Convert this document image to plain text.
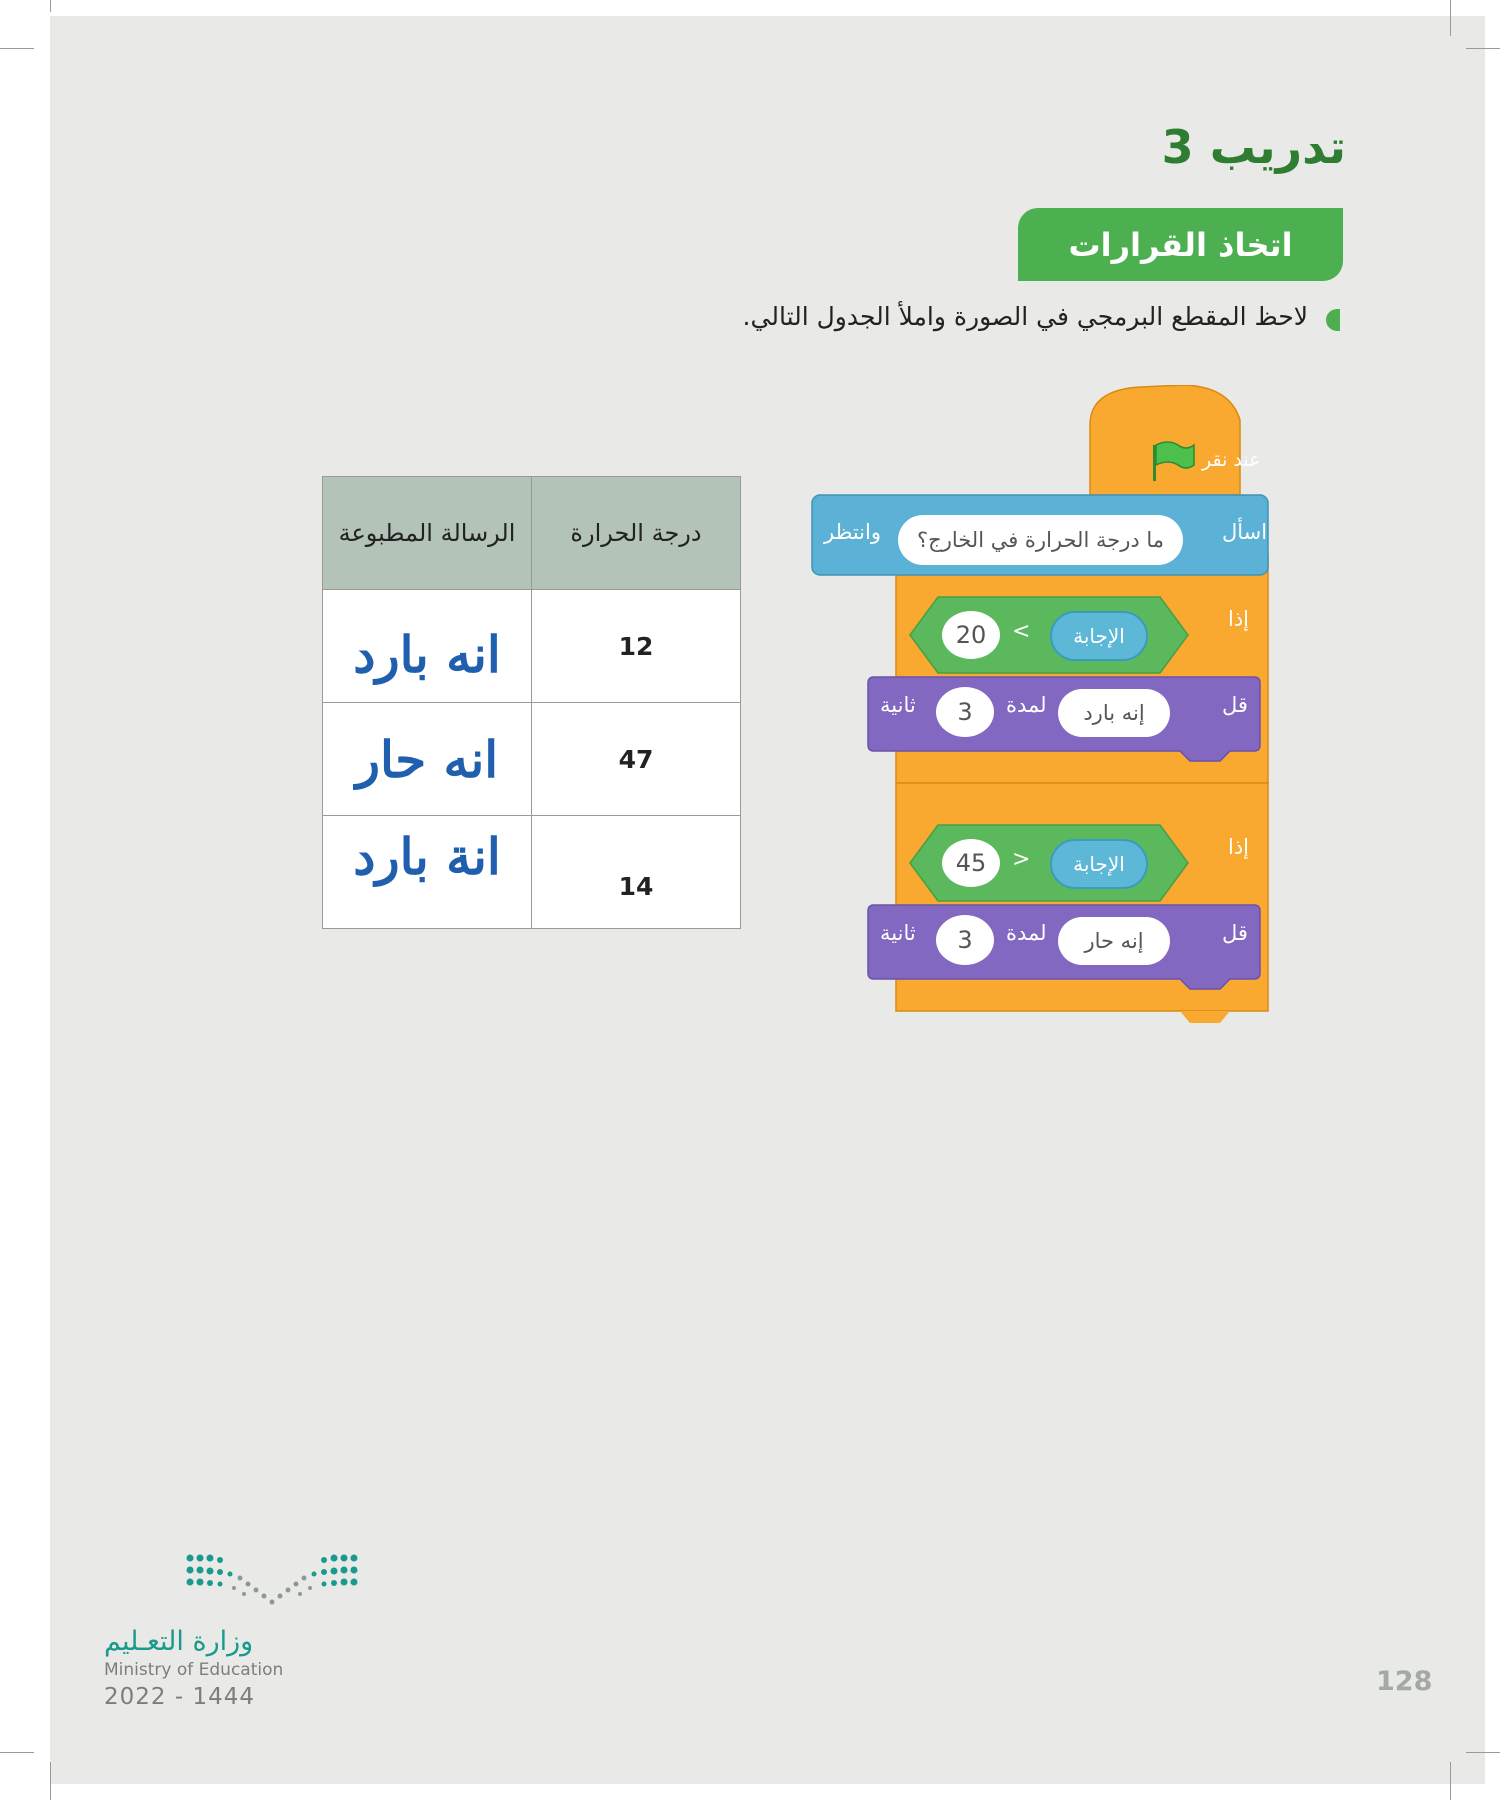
تدريب 3
اتخاذ القرارات
لاحظ المقطع البرمجي في الصورة واملأ الجدول التالي.
الرسالة المطبوعة	درجة الحرارة
انه بارد	12
انه حار	47
انة بارد	14
عند نقر
اسأل
ما درجة الحرارة في الخارج؟
وانتظر
إذا
الإجابة
>
20
قل
إنه بارد
لمدة
3
ثانية
إذا
الإجابة
<
45
قل
إنه حار
لمدة
3
ثانية
وزارة التعـليم
Ministry of Education
2022 - 1444	128
